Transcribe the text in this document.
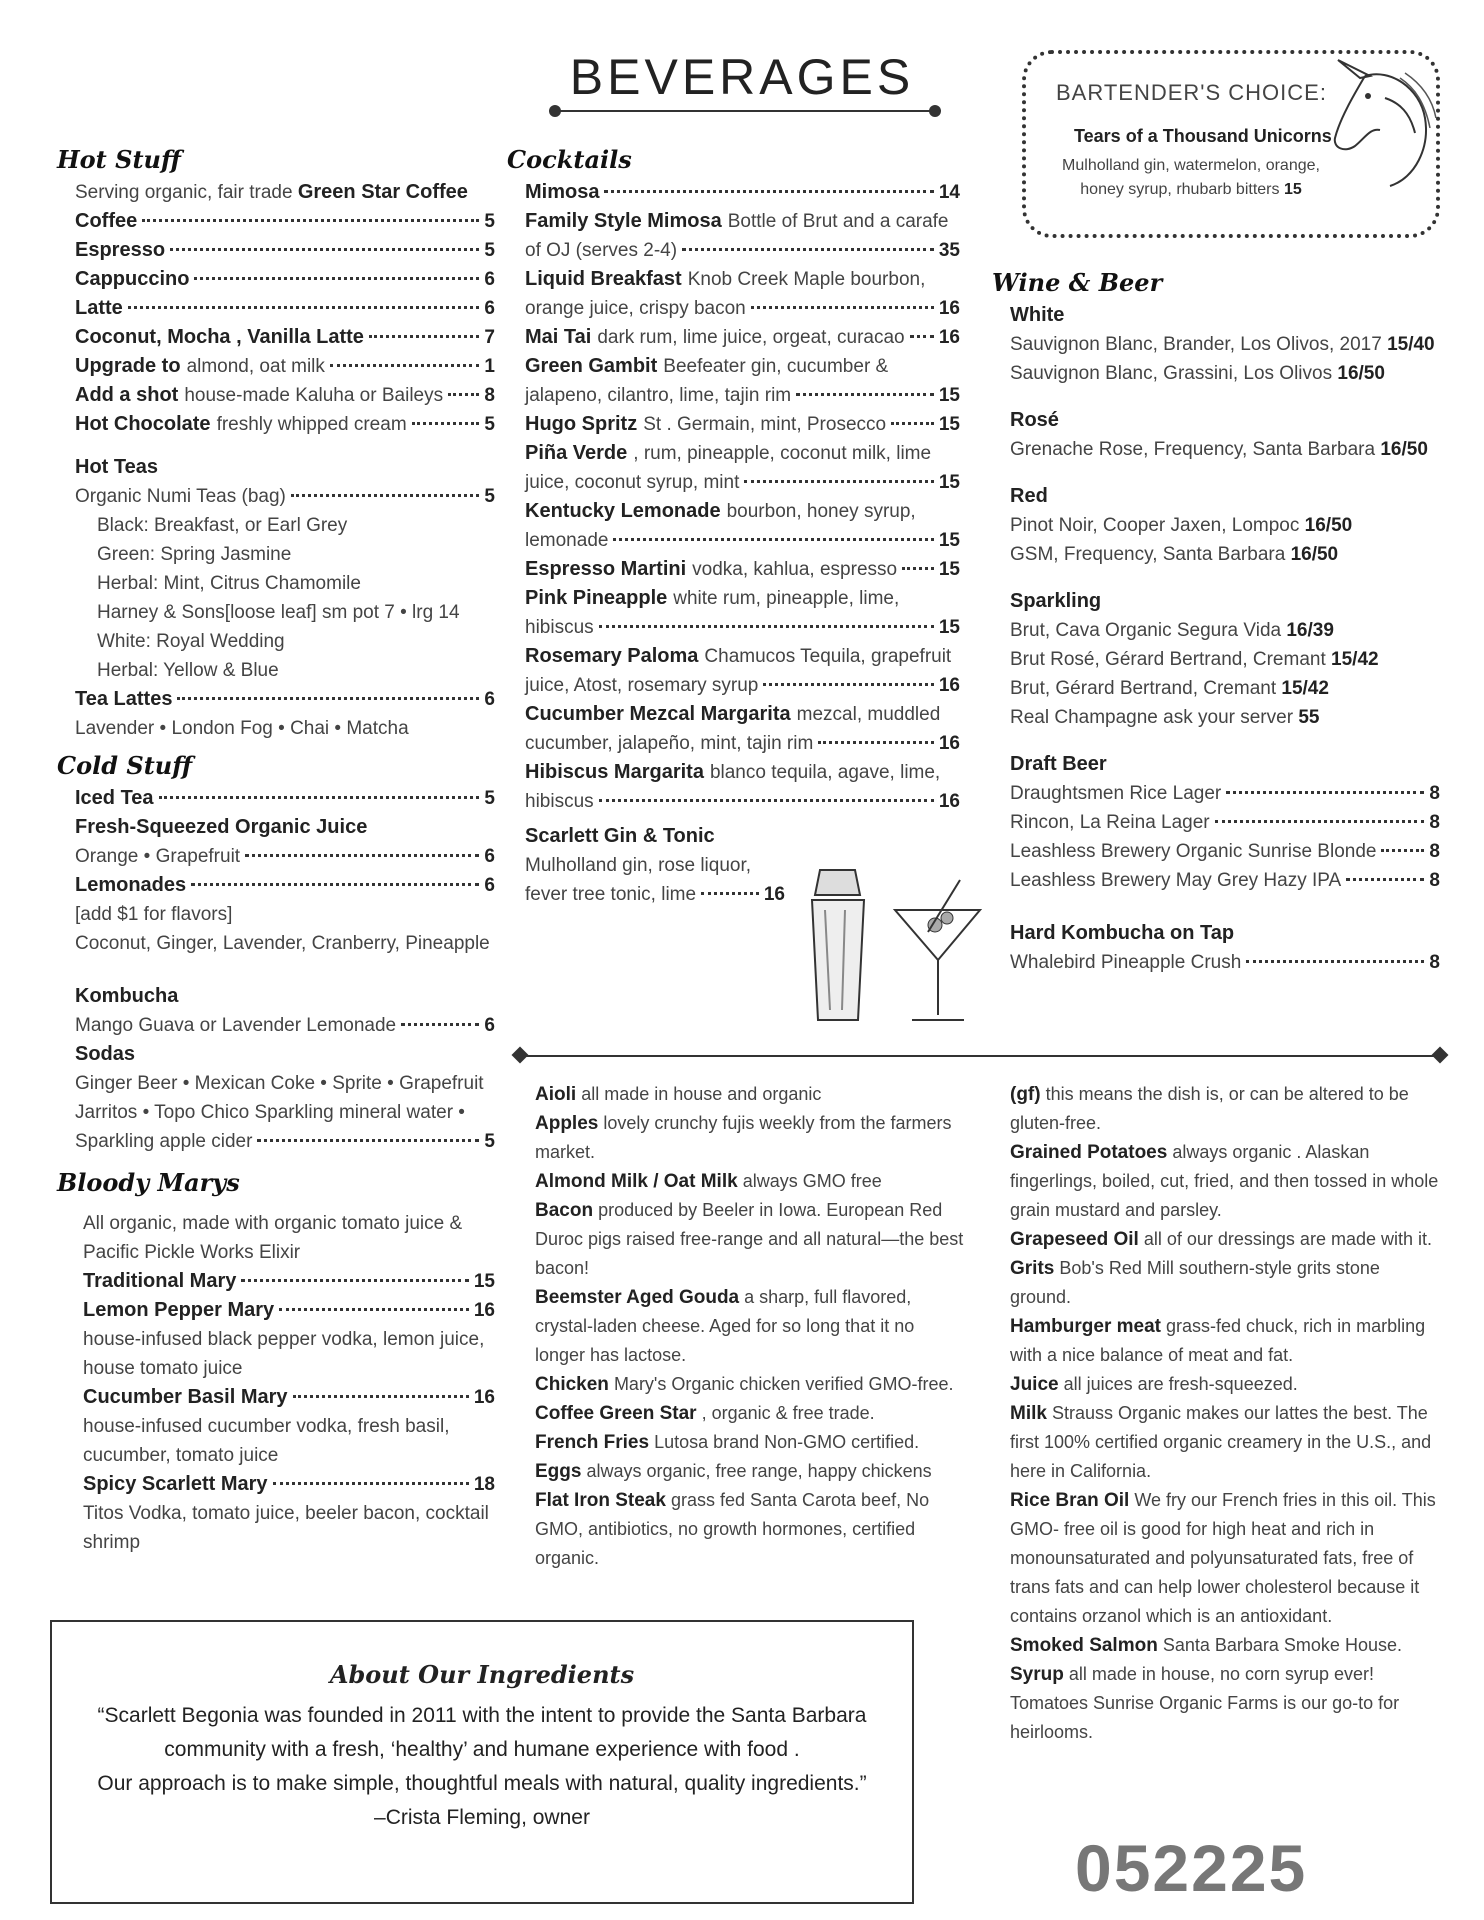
BEVERAGES	BARTENDER'S CHOICE:
Tears of a Thousand Unicorns
Mulholland gin, watermelon, orange, honey syrup, rhubarb bitters 15
Hot Stuff
Serving organic, fair trade Green Star Coffee
Coffee	5
Espresso	5
Cappuccino	6
Latte	6
Coconut, Mocha , Vanilla Latte	7
Upgrade to almond, oat milk	1
Add a shot house-made Kaluha or Baileys 8
Hot Chocolate freshly whipped cream	5
Hot Teas
Organic Numi Teas (bag)	5
Black: Breakfast, or Earl Grey
Green: Spring Jasmine
Herbal: Mint, Citrus Chamomile
Harney & Sons[loose leaf] sm pot 7 • lrg 14
White: Royal Wedding
Herbal: Yellow & Blue
Tea Lattes	6
Lavender • London Fog • Chai • Matcha
Cold Stuff
Iced Tea	5
Fresh-Squeezed Organic Juice
Orange • Grapefruit	6
Lemonades	6
[add $1 for flavors]
Coconut, Ginger, Lavender, Cranberry, Pineapple
Kombucha
Mango Guava or Lavender Lemonade	6
Sodas
Ginger Beer • Mexican Coke • Sprite • Grapefruit
Jarritos • Topo Chico Sparkling mineral water •
Sparkling apple cider	5
Bloody Marys
All organic, made with organic tomato juice & Pacific Pickle Works Elixir
Traditional Mary	15
Lemon Pepper Mary	16
house-infused black pepper vodka, lemon juice, house tomato juice
Cucumber Basil Mary	16
house-infused cucumber vodka, fresh basil, cucumber, tomato juice
Spicy Scarlett Mary	18
Titos Vodka, tomato juice, beeler bacon, cocktail shrimp
Cocktails
Mimosa	14
Family Style Mimosa Bottle of Brut and a carafe
of OJ (serves 2-4)	35
Liquid Breakfast Knob Creek Maple bourbon,
orange juice, crispy bacon	16
Mai Tai dark rum, lime juice, orgeat, curacao 16
Green Gambit Beefeater gin, cucumber &
jalapeno, cilantro, lime, tajin rim	15
Hugo Spritz St . Germain, mint, Prosecco	15
Piña Verde , rum, pineapple, coconut milk, lime
juice, coconut syrup, mint	15
Kentucky Lemonade bourbon, honey syrup,
lemonade	15
Espresso Martini vodka, kahlua, espresso 15
Pink Pineapple white rum, pineapple, lime,
hibiscus	15
Rosemary Paloma Chamucos Tequila, grapefruit
juice, Atost, rosemary syrup	16
Cucumber Mezcal Margarita mezcal, muddled
cucumber, jalapeño, mint, tajin rim	16
Hibiscus Margarita blanco tequila, agave, lime,
hibiscus	16
Scarlett Gin & Tonic
Mulholland gin, rose liquor,
fever tree tonic, lime	16
Wine & Beer
White
Sauvignon Blanc, Brander, Los Olivos, 2017 15/40
Sauvignon Blanc, Grassini, Los Olivos 16/50
Rosé
Grenache Rose, Frequency, Santa Barbara 16/50
Red
Pinot Noir, Cooper Jaxen, Lompoc 16/50
GSM, Frequency, Santa Barbara 16/50
Sparkling
Brut, Cava Organic Segura Vida 16/39
Brut Rosé, Gérard Bertrand, Cremant 15/42
Brut, Gérard Bertrand, Cremant 15/42
Real Champagne ask your server 55
Draft Beer
Draughtsmen Rice Lager	8
Rincon, La Reina Lager	8
Leashless Brewery Organic Sunrise Blonde	8
Leashless Brewery May Grey Hazy IPA	8
Hard Kombucha on Tap
Whalebird Pineapple Crush	8

Aioli all made in house and organic

Apples lovely crunchy fujis weekly from the farmers market.

Almond Milk / Oat Milk always GMO free

Bacon produced by Beeler in Iowa. European Red Duroc pigs raised free-range and all natural—the best bacon!

Beemster Aged Gouda a sharp, full flavored, crystal-laden cheese. Aged for so long that it no longer has lactose.

Chicken Mary's Organic chicken verified GMO-free.

Coffee Green Star , organic & free trade.

French Fries Lutosa brand Non-GMO certified.

Eggs always organic, free range, happy chickens

Flat Iron Steak grass fed Santa Carota beef, No GMO, antibiotics, no growth hormones, certified organic.

(gf) this means the dish is, or can be altered to be gluten-free.

Grained Potatoes always organic . Alaskan fingerlings, boiled, cut, fried, and then tossed in whole grain mustard and parsley.

Grapeseed Oil all of our dressings are made with it.

Grits Bob's Red Mill southern-style grits stone ground.

Hamburger meat grass-fed chuck, rich in marbling with a nice balance of meat and fat.

Juice all juices are fresh-squeezed.

Milk Strauss Organic makes our lattes the best. The first 100% certified organic creamery in the U.S., and here in California.

Rice Bran Oil We fry our French fries in this oil. This GMO- free oil is good for high heat and rich in monounsaturated and polyunsaturated fats, free of trans fats and can help lower cholesterol because it contains orzanol which is an antioxidant.

Smoked Salmon Santa Barbara Smoke House.

Syrup all made in house, no corn syrup ever! Tomatoes Sunrise Organic Farms is our go-to for heirlooms.

About Our Ingredients
“Scarlett Begonia was founded in 2011 with the intent to provide the Santa Barbara
community with a fresh, ‘healthy’ and humane experience with food .
Our approach is to make simple, thoughtful meals with natural, quality ingredients.”
–Crista Fleming, owner
052225
